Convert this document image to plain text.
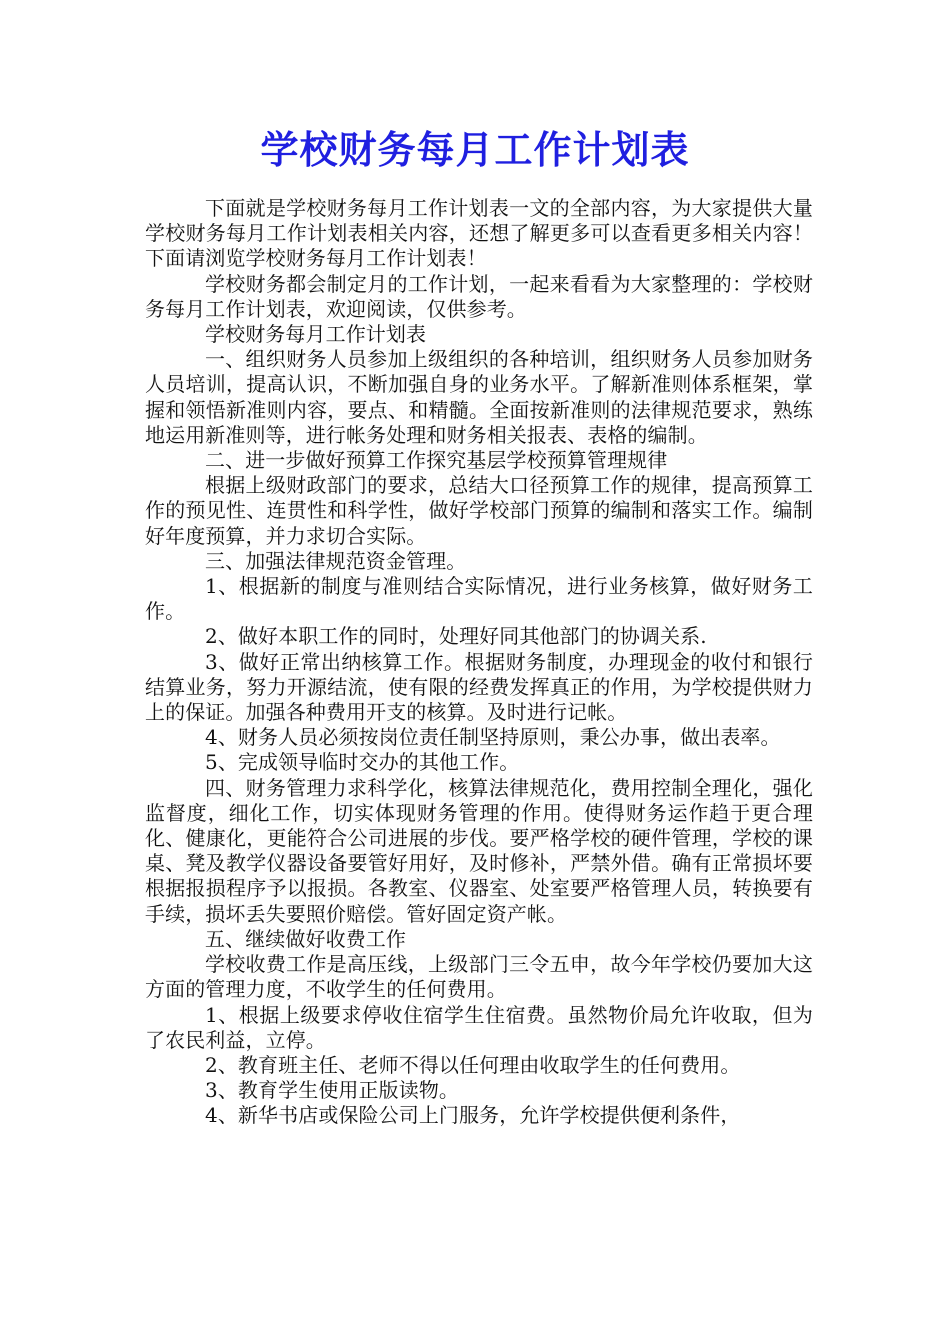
学校财务每月工作计划表

下面就是学校财务每月工作计划表一文的全部内容，为大家提供大量学校财务每月工作计划表相关内容，还想了解更多可以查看更多相关内容！下面请浏览学校财务每月工作计划表！

学校财务都会制定月的工作计划，一起来看看为大家整理的：学校财务每月工作计划表，欢迎阅读，仅供参考。

学校财务每月工作计划表

一、组织财务人员参加上级组织的各种培训，组织财务人员参加财务人员培训，提高认识，不断加强自身的业务水平。了解新准则体系框架，掌握和领悟新准则内容，要点、和精髓。全面按新准则的法律规范要求，熟练地运用新准则等，进行帐务处理和财务相关报表、表格的编制。

二、进一步做好预算工作探究基层学校预算管理规律

根据上级财政部门的要求，总结大口径预算工作的规律，提高预算工作的预见性、连贯性和科学性，做好学校部门预算的编制和落实工作。编制好年度预算，并力求切合实际。

三、加强法律规范资金管理。

1、根据新的制度与准则结合实际情况，进行业务核算，做好财务工作。

2、做好本职工作的同时，处理好同其他部门的协调关系.

3、做好正常出纳核算工作。根据财务制度，办理现金的收付和银行结算业务，努力开源结流，使有限的经费发挥真正的作用，为学校提供财力上的保证。加强各种费用开支的核算。及时进行记帐。

4、财务人员必须按岗位责任制坚持原则，秉公办事，做出表率。

5、完成领导临时交办的其他工作。

四、财务管理力求科学化，核算法律规范化，费用控制全理化，强化监督度，细化工作，切实体现财务管理的作用。使得财务运作趋于更合理化、健康化，更能符合公司进展的步伐。要严格学校的硬件管理，学校的课桌、凳及教学仪器设备要管好用好，及时修补，严禁外借。确有正常损坏要根据报损程序予以报损。各教室、仪器室、处室要严格管理人员，转换要有手续，损坏丢失要照价赔偿。管好固定资产帐。

五、继续做好收费工作

学校收费工作是高压线，上级部门三令五申，故今年学校仍要加大这方面的管理力度，不收学生的任何费用。

1、根据上级要求停收住宿学生住宿费。虽然物价局允许收取，但为了农民利益，立停。

2、教育班主任、老师不得以任何理由收取学生的任何费用。

3、教育学生使用正版读物。

4、新华书店或保险公司上门服务，允许学校提供便利条件，
